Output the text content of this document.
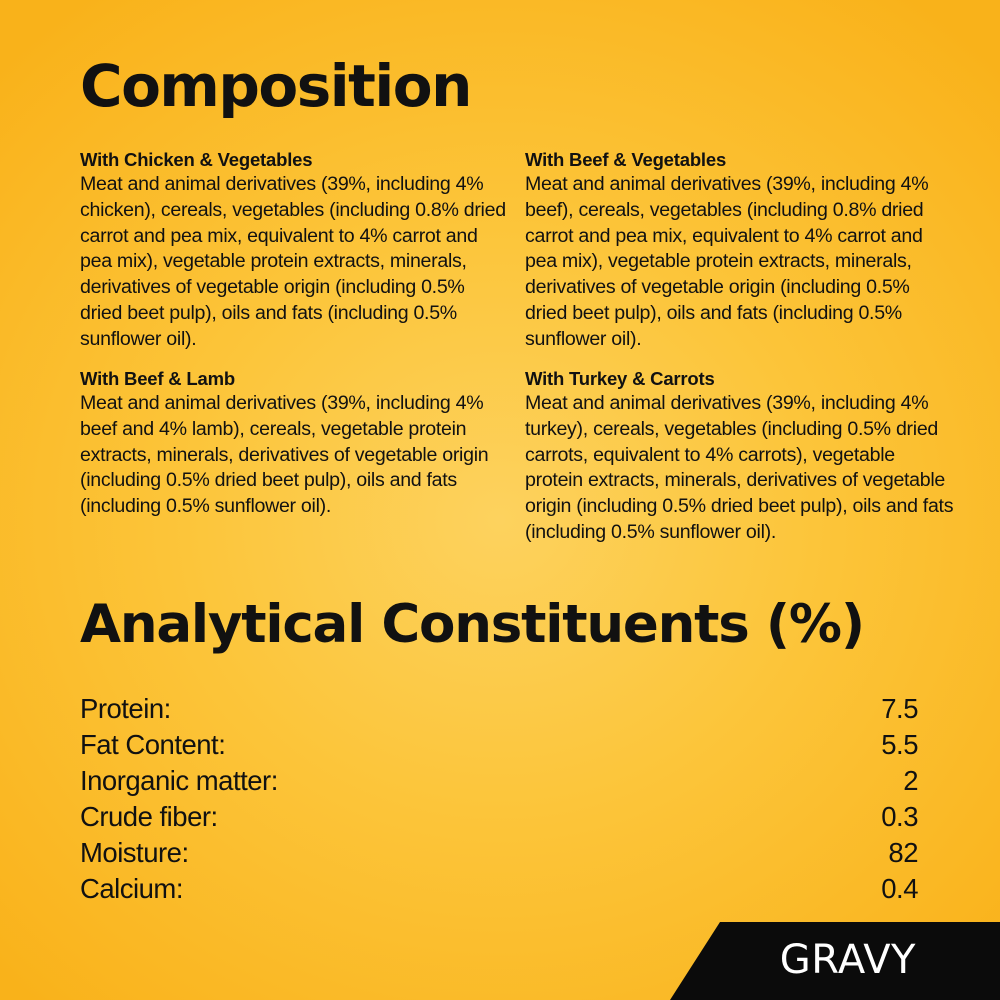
Composition
With Chicken & Vegetables
Meat and animal derivatives (39%, including 4% chicken), cereals, vegetables (including 0.8% dried carrot and pea mix, equivalent to 4% carrot and pea mix), vegetable protein extracts, minerals, derivatives of vegetable origin (including 0.5% dried beet pulp), oils and fats (including 0.5% sunflower oil).
With Beef & Vegetables
Meat and animal derivatives (39%, including 4% beef), cereals, vegetables (including 0.8% dried carrot and pea mix, equivalent to 4% carrot and pea mix), vegetable protein extracts, minerals, derivatives of vegetable origin (including 0.5% dried beet pulp), oils and fats (including 0.5% sunflower oil).
With Beef & Lamb
Meat and animal derivatives (39%, including 4% beef and 4% lamb), cereals, vegetable protein extracts, minerals, derivatives of vegetable origin (including 0.5% dried beet pulp), oils and fats (including 0.5% sunflower oil).
With Turkey & Carrots
Meat and animal derivatives (39%, including 4% turkey), cereals, vegetables (including 0.5% dried carrots, equivalent to 4% carrots), vegetable protein extracts, minerals, derivatives of vegetable origin (including 0.5% dried beet pulp), oils and fats (including 0.5% sunflower oil).
Analytical Constituents (%)
Protein:	7.5
Fat Content:	5.5
Inorganic matter:	2
Crude fiber:	0.3
Moisture:	82
Calcium:	0.4
GRAVY
